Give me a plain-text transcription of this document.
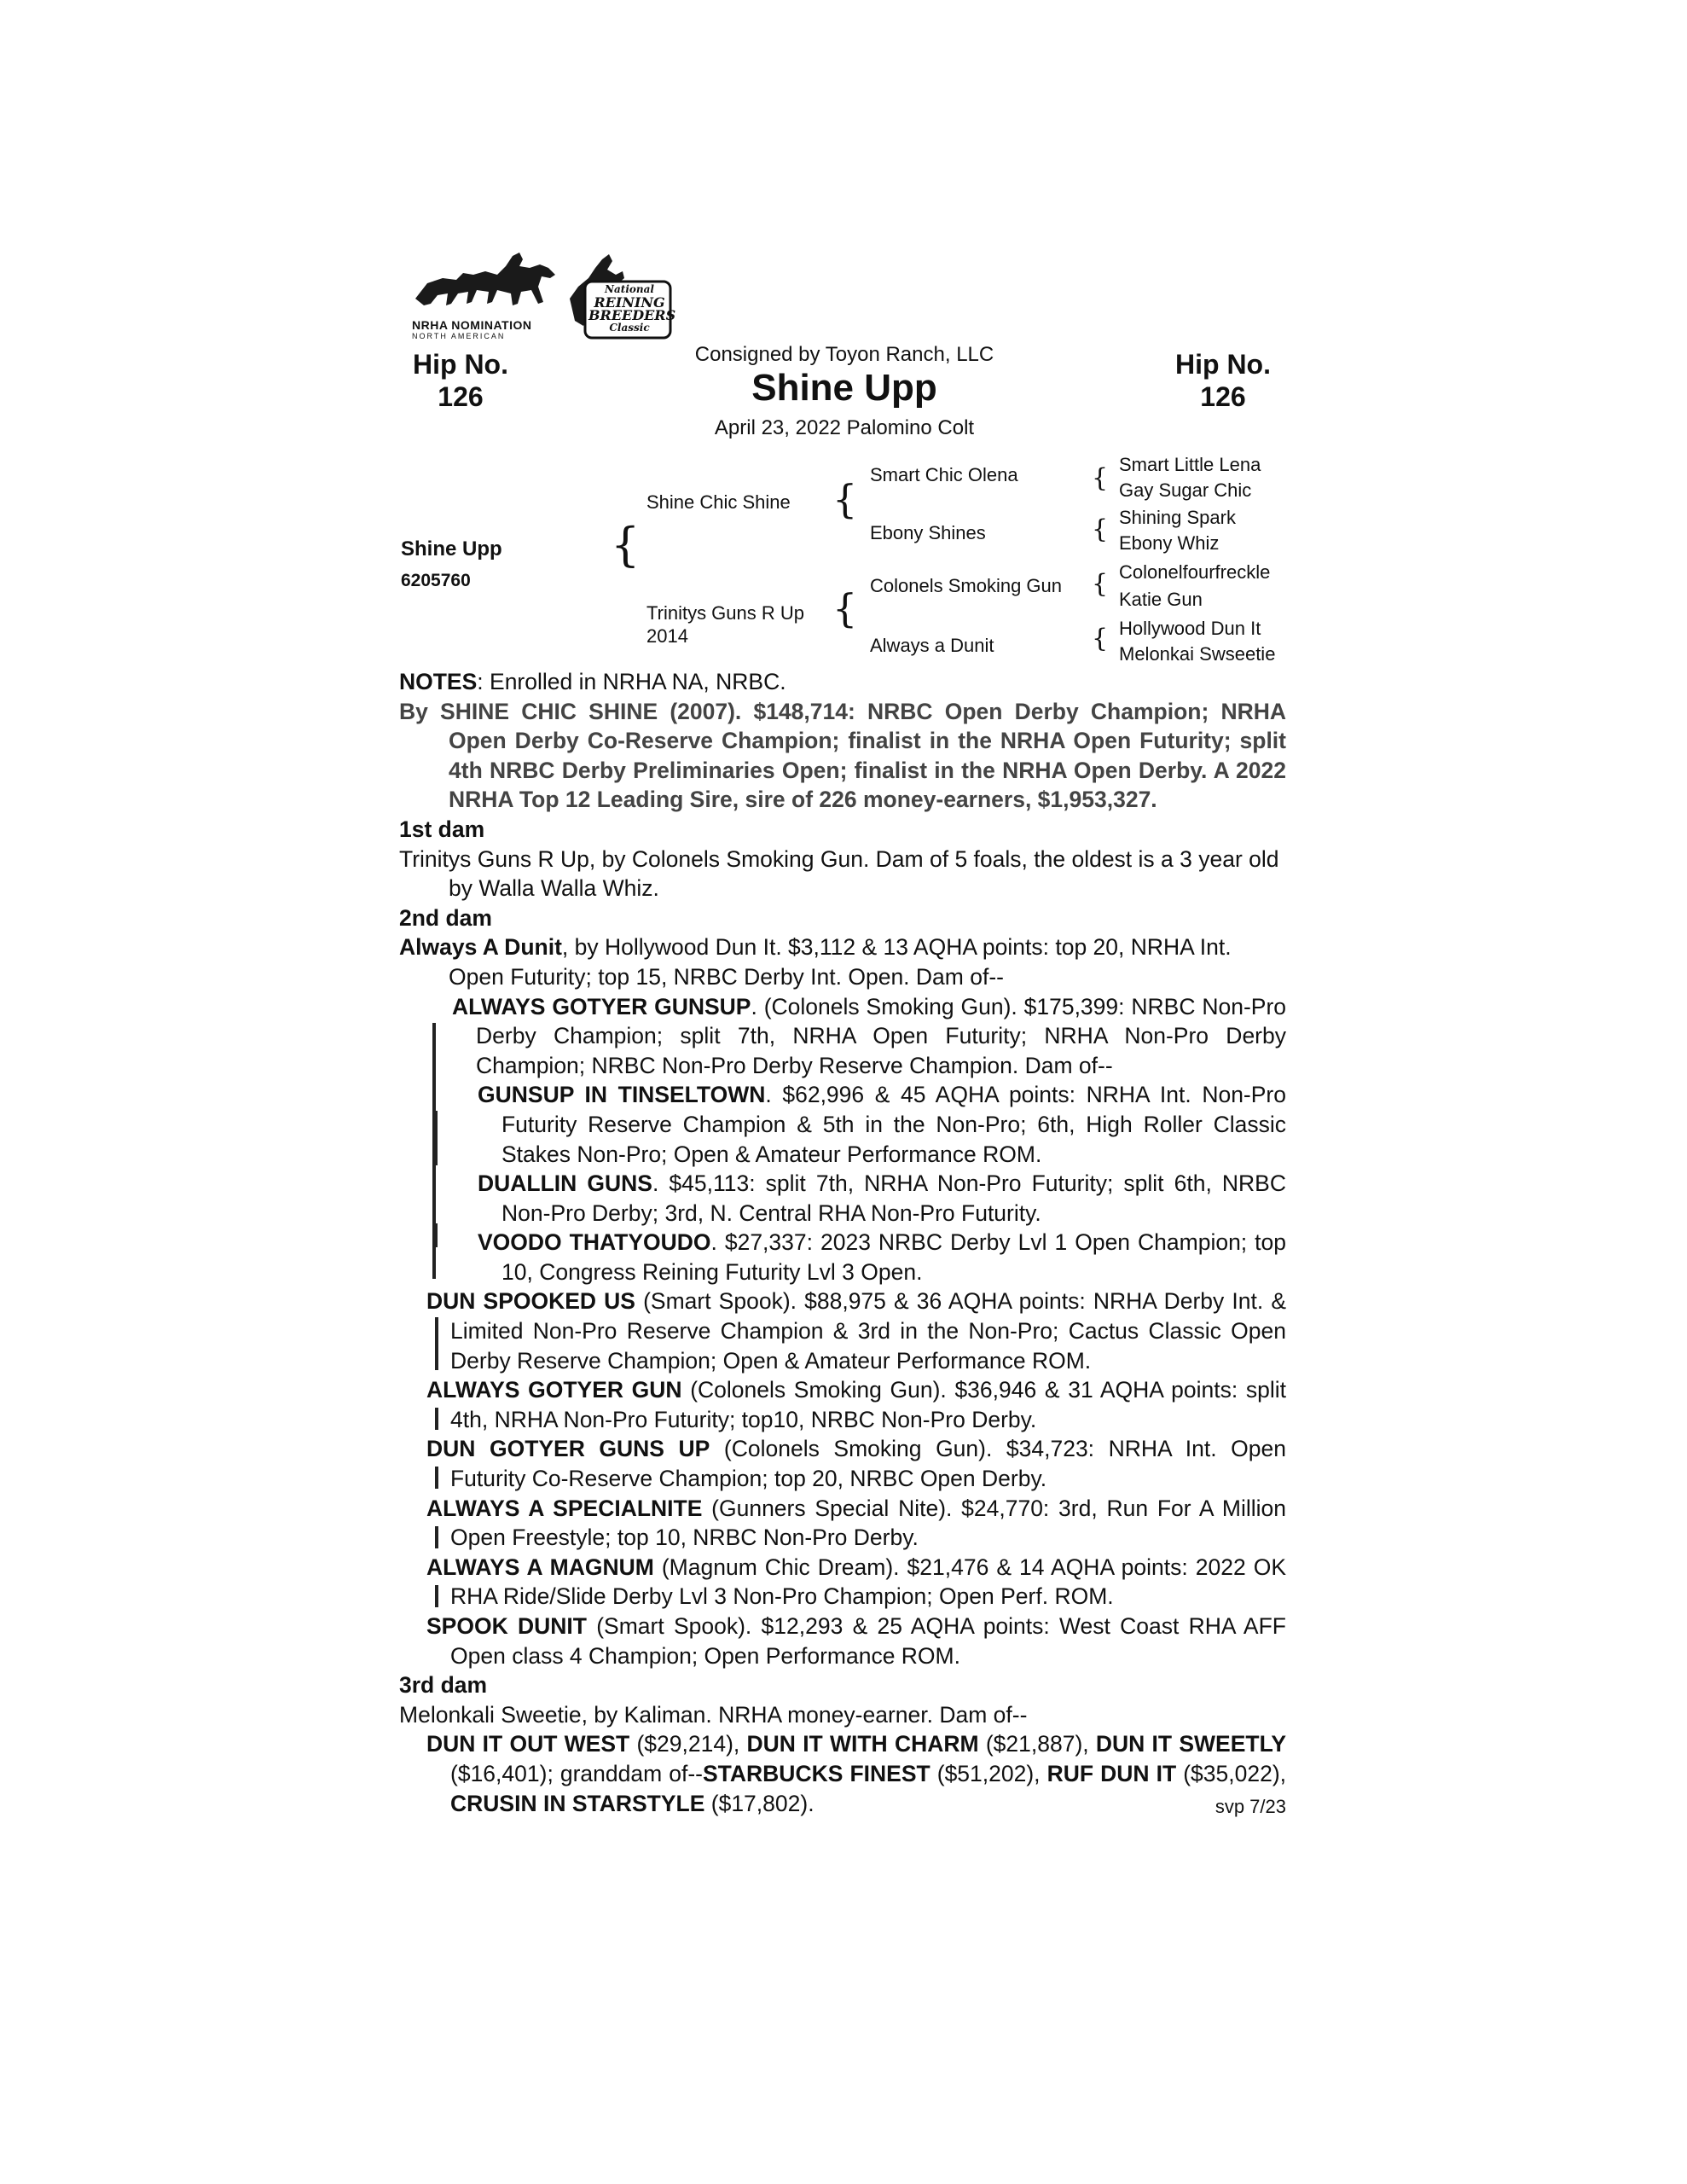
NRHA NOMINATION
NORTH AMERICAN
National
REINING
BREEDERS
Classic
Hip No.
126
Hip No.
126
Consigned by Toyon Ranch, LLC
Shine Upp
April 23, 2022 Palomino Colt
Shine Upp
6205760
{
Shine Chic Shine
Trinitys Guns R Up
2014
{
{
Smart Chic Olena
Ebony Shines
Colonels Smoking Gun
Always a Dunit
{
{
{
{
Smart Little Lena
Gay Sugar Chic
Shining Spark
Ebony Whiz
Colonelfourfreckle
Katie Gun
Hollywood Dun It
Melonkai Swseetie

NOTES: Enrolled in NRHA NA, NRBC.

By SHINE CHIC SHINE (2007). $148,714: NRBC Open Derby Champion; NRHA Open Derby Co-Reserve Champion; finalist in the NRHA Open Futurity; split 4th NRBC Derby Preliminaries Open; finalist in the NRHA Open Derby. A 2022 NRHA Top 12 Leading Sire, sire of 226 money-earners, $1,953,327.

1st dam

Trinitys Guns R Up, by Colonels Smoking Gun. Dam of 5 foals, the oldest is a 3 year old by Walla Walla Whiz.

2nd dam

Always A Dunit, by Hollywood Dun It. $3,112 & 13 AQHA points: top 20, NRHA Int. Open Futurity; top 15, NRBC Derby Int. Open. Dam of--

ALWAYS GOTYER GUNSUP. (Colonels Smoking Gun). $175,399: NRBC Non-Pro Derby Champion; split 7th, NRHA Open Futurity; NRHA Non-Pro Derby Champion; NRBC Non-Pro Derby Reserve Champion. Dam of--

GUNSUP IN TINSELTOWN. $62,996 & 45 AQHA points: NRHA Int. Non-Pro Futurity Reserve Champion & 5th in the Non-Pro; 6th, High Roller Classic Stakes Non-Pro; Open & Amateur Performance ROM.

DUALLIN GUNS. $45,113: split 7th, NRHA Non-Pro Futurity; split 6th, NRBC Non-Pro Derby; 3rd, N. Central RHA Non-Pro Futurity.

VOODO THATYOUDO. $27,337: 2023 NRBC Derby Lvl 1 Open Champion; top 10, Congress Reining Futurity Lvl 3 Open.

DUN SPOOKED US (Smart Spook). $88,975 & 36 AQHA points: NRHA Derby Int. & Limited Non-Pro Reserve Champion & 3rd in the Non-Pro; Cactus Classic Open Derby Reserve Champion; Open & Amateur Performance ROM.

ALWAYS GOTYER GUN (Colonels Smoking Gun). $36,946 & 31 AQHA points: split 4th, NRHA Non-Pro Futurity; top10, NRBC Non-Pro Derby.

DUN GOTYER GUNS UP (Colonels Smoking Gun). $34,723: NRHA Int. Open Futurity Co-Reserve Champion; top 20, NRBC Open Derby.

ALWAYS A SPECIALNITE (Gunners Special Nite). $24,770: 3rd, Run For A Million Open Freestyle; top 10, NRBC Non-Pro Derby.

ALWAYS A MAGNUM (Magnum Chic Dream). $21,476 & 14 AQHA points: 2022 OK RHA Ride/Slide Derby Lvl 3 Non-Pro Champion; Open Perf. ROM.

SPOOK DUNIT (Smart Spook). $12,293 & 25 AQHA points: West Coast RHA AFF Open class 4 Champion; Open Performance ROM.

3rd dam

Melonkali Sweetie, by Kaliman. NRHA money-earner. Dam of--

DUN IT OUT WEST ($29,214), DUN IT WITH CHARM ($21,887), DUN IT SWEETLY ($16,401); granddam of--STARBUCKS FINEST ($51,202), RUF DUN IT ($35,022), CRUSIN IN STARSTYLE ($17,802).	svp 7/23
